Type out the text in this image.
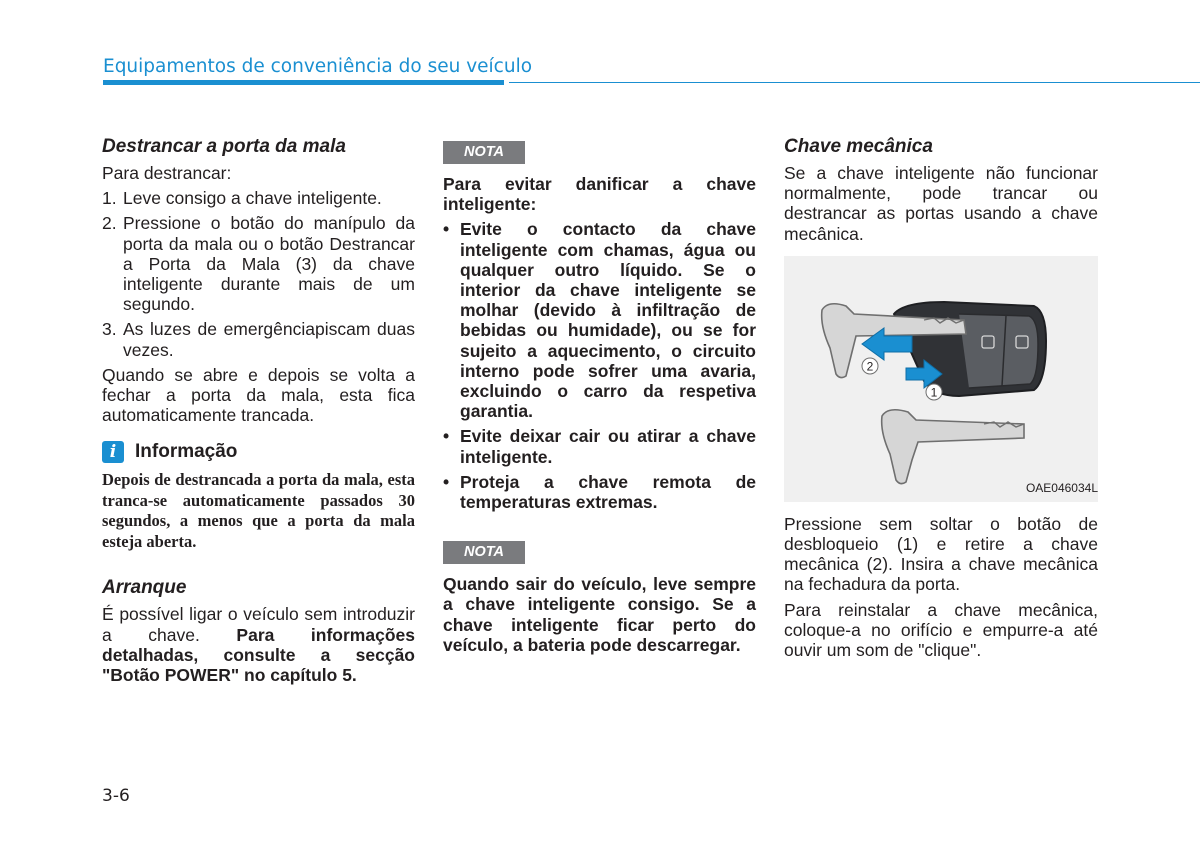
Equipamentos de conveniência do seu veículo
Destrancar a porta da mala

Para destrancar:

1. Leve consigo a chave inteligente.
2. Pressione o botão do manípulo da porta da mala ou o botão Destrancar a Porta da Mala (3) da chave inteligente durante mais de um segundo.
3. As luzes de emergênciapiscam duas vezes.

Quando se abre e depois se volta a fechar a porta da mala, esta fica automaticamente trancada.

i Informação

Depois de destrancada a porta da mala, esta tranca-se automaticamente passados 30 segundos, a menos que a porta da mala esteja aberta.

Arranque

É possível ligar o veículo sem introduzir a chave. Para informações detalhadas, consulte a secção "Botão POWER" no capítulo 5.

NOTA

Para evitar danificar a chave inteligente:

• Evite o contacto da chave inteligente com chamas, água ou qualquer outro líquido. Se o interior da chave inteligente se molhar (devido à infiltração de bebidas ou humidade), ou se for sujeito a aquecimento, o circuito interno pode sofrer uma avaria, excluindo o carro da respetiva garantia.
• Evite deixar cair ou atirar a chave inteligente.
• Proteja a chave remota de temperaturas extremas.
NOTA

Quando sair do veículo, leve sempre a chave inteligente consigo. Se a chave inteligente ficar perto do veículo, a bateria pode descarregar.

Chave mecânica

Se a chave inteligente não funcionar normalmente, pode trancar ou destrancar as portas usando a chave mecânica.

2
1
OAE046034L

Pressione sem soltar o botão de desbloqueio (1) e retire a chave mecânica (2). Insira a chave mecânica na fechadura da porta.

Para reinstalar a chave mecânica, coloque-a no orifício e empurre-a até ouvir um som de "clique".

3-6
